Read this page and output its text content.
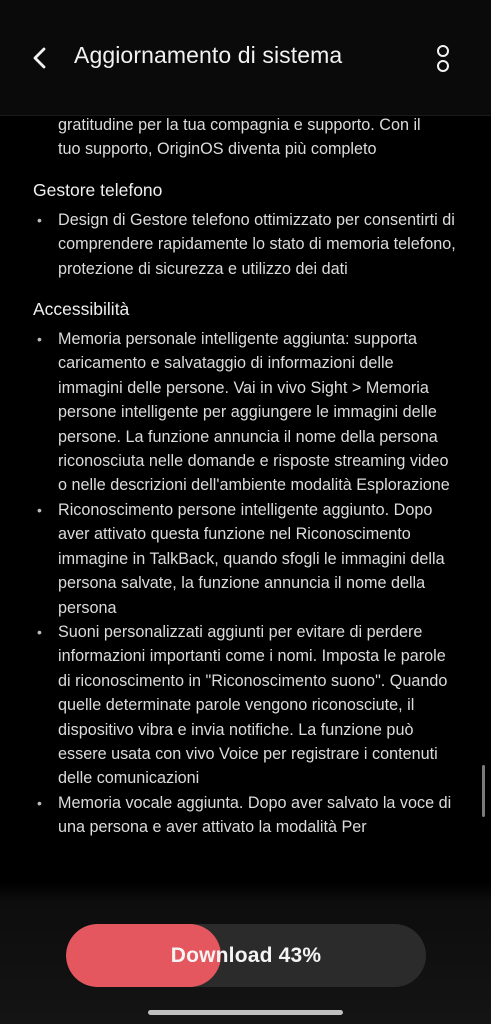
Aggiornamento di sistema
gratitudine per la tua compagnia e supporto. Con il
tuo supporto, OriginOS diventa più completo
Gestore telefono
• Design di Gestore telefono ottimizzato per consentirti di comprendere rapidamente lo stato di memoria telefono, protezione di sicurezza e utilizzo dei dati
Accessibilità
• Memoria personale intelligente aggiunta: supporta caricamento e salvataggio di informazioni delle immagini delle persone. Vai in vivo Sight > Memoria persone intelligente per aggiungere le immagini delle persone. La funzione annuncia il nome della persona riconosciuta nelle domande e risposte streaming video o nelle descrizioni dell'ambiente modalità Esplorazione
• Riconoscimento persone intelligente aggiunto. Dopo aver attivato questa funzione nel Riconoscimento immagine in TalkBack, quando sfogli le immagini della persona salvate, la funzione annuncia il nome della persona
• Suoni personalizzati aggiunti per evitare di perdere informazioni importanti come i nomi. Imposta le parole di riconoscimento in "Riconoscimento suono". Quando quelle determinate parole vengono riconosciute, il dispositivo vibra e invia notifiche. La funzione può essere usata con vivo Voice per registrare i contenuti delle comunicazioni
• Memoria vocale aggiunta. Dopo aver salvato la voce di una persona e aver attivato la modalità Per
Download 43%
